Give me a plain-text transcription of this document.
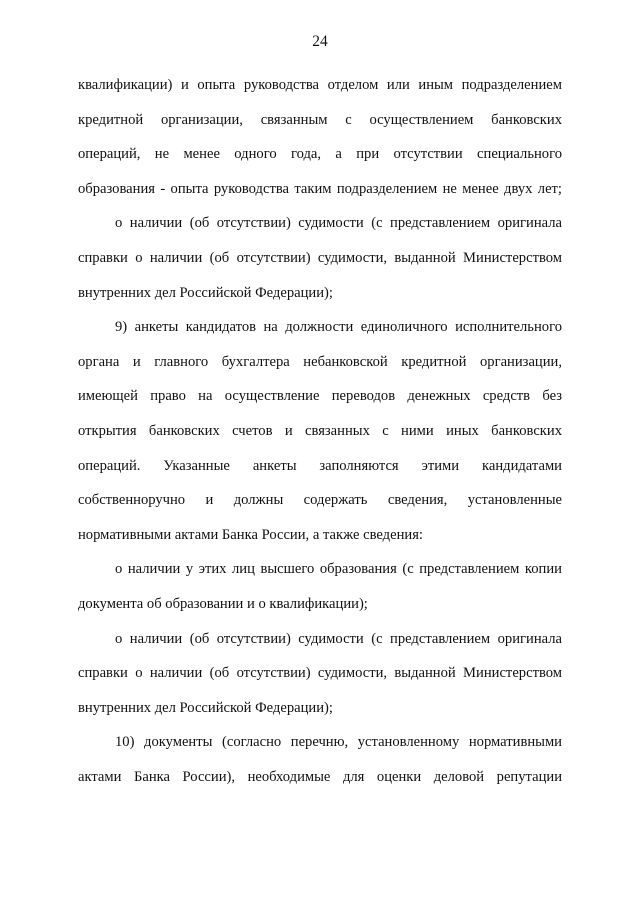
24
квалификации) и опыта руководства отделом или иным подразделением
кредитной организации, связанным с осуществлением банковских
операций, не менее одного года, а при отсутствии специального
образования - опыта руководства таким подразделением не менее двух лет;
о наличии (об отсутствии) судимости (с представлением оригинала
справки о наличии (об отсутствии) судимости, выданной Министерством
внутренних дел Российской Федерации);
9) анкеты кандидатов на должности единоличного исполнительного
органа и главного бухгалтера небанковской кредитной организации,
имеющей право на осуществление переводов денежных средств без
открытия банковских счетов и связанных с ними иных банковских
операций. Указанные анкеты заполняются этими кандидатами
собственноручно и должны содержать сведения, установленные
нормативными актами Банка России, а также сведения:
о наличии у этих лиц высшего образования (с представлением копии
документа об образовании и о квалификации);
о наличии (об отсутствии) судимости (с представлением оригинала
справки о наличии (об отсутствии) судимости, выданной Министерством
внутренних дел Российской Федерации);
10) документы (согласно перечню, установленному нормативными
актами Банка России), необходимые для оценки деловой репутации
